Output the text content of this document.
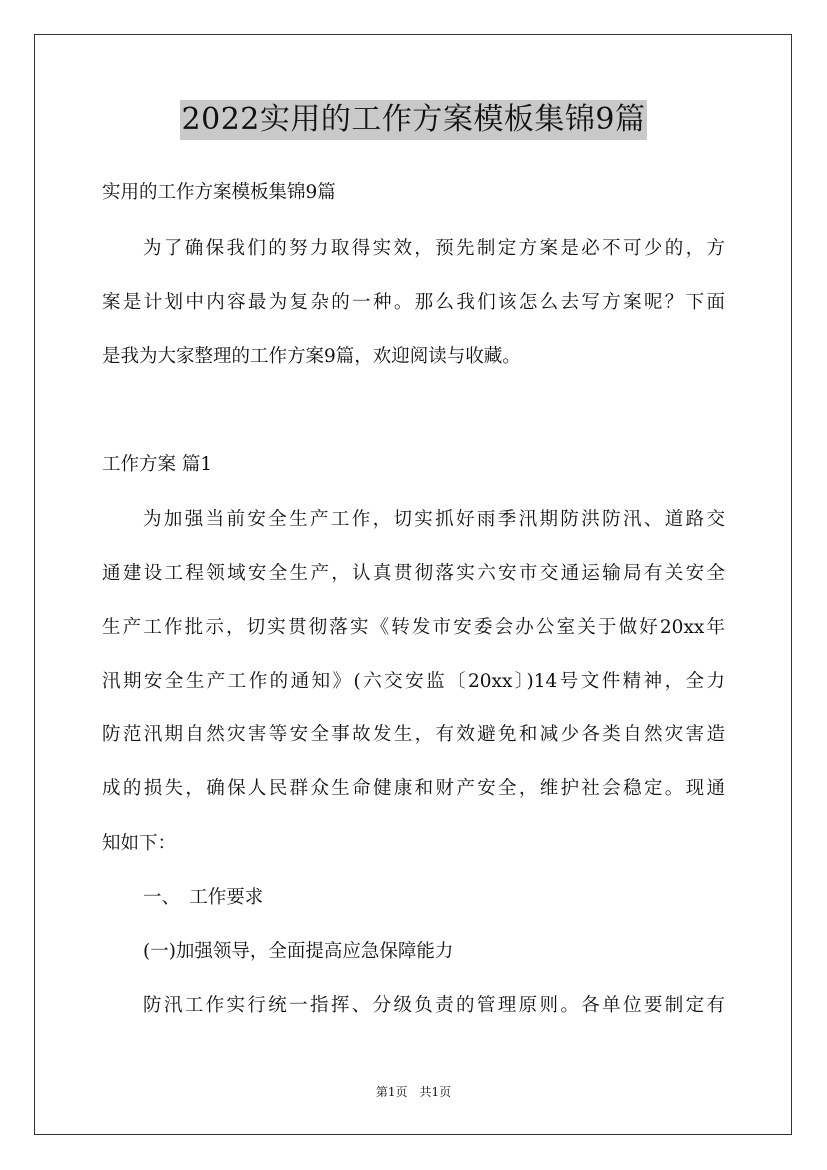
2022实用的工作方案模板集锦9篇
实用的工作方案模板集锦9篇
为了确保我们的努力取得实效，预先制定方案是必不可少的，方
案是计划中内容最为复杂的一种。那么我们该怎么去写方案呢？下面
是我为大家整理的工作方案9篇，欢迎阅读与收藏。
工作方案 篇1
为加强当前安全生产工作，切实抓好雨季汛期防洪防汛、道路交
通建设工程领域安全生产，认真贯彻落实六安市交通运输局有关安全
生产工作批示，切实贯彻落实《转发市安委会办公室关于做好20xx年
汛期安全生产工作的通知》(六交安监〔20xx〕)14号文件精神，全力
防范汛期自然灾害等安全事故发生，有效避免和减少各类自然灾害造
成的损失，确保人民群众生命健康和财产安全，维护社会稳定。现通
知如下：
一、　工作要求
(一)加强领导，全面提高应急保障能力
防汛工作实行统一指挥、分级负责的管理原则。各单位要制定有
第1页　共1页
